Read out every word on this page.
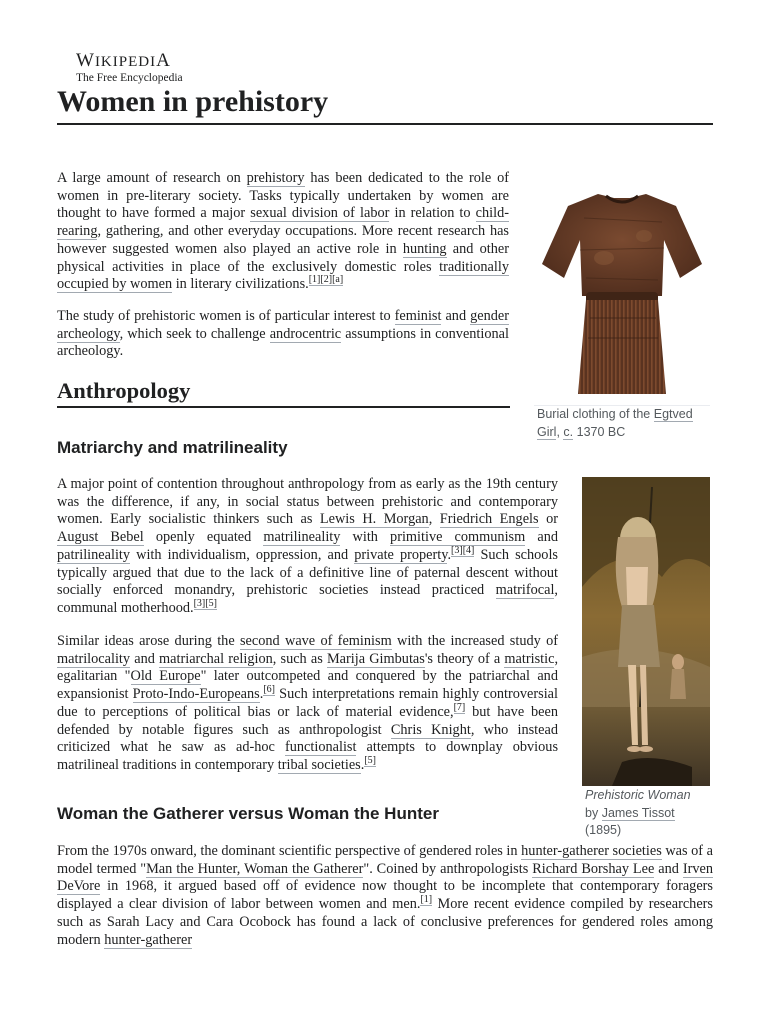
WIKIPEDIA
The Free Encyclopedia
Women in prehistory

A large amount of research on prehistory has been dedicated to the role of women in pre-literary society. Tasks typically undertaken by women are thought to have formed a major sexual division of labor in relation to child-rearing, gathering, and other everyday occupations. More recent research has however suggested women also played an active role in hunting and other physical activities in place of the exclusively domestic roles traditionally occupied by women in literary civilizations.[1][2][a]

The study of prehistoric women is of particular interest to feminist and gender archeology, which seek to challenge androcentric assumptions in conventional archeology.

Burial clothing of the Egtved Girl, c. 1370 BC
Anthropology
Matriarchy and matrilineality

A major point of contention throughout anthropology from as early as the 19th century was the difference, if any, in social status between prehistoric and contemporary women. Early socialistic thinkers such as Lewis H. Morgan, Friedrich Engels or August Bebel openly equated matrilineality with primitive communism and patrilineality with individualism, oppression, and private property.[3][4] Such schools typically argued that due to the lack of a definitive line of paternal descent without socially enforced monandry, prehistoric societies instead practiced matrifocal, communal motherhood.[3][5]

Similar ideas arose during the second wave of feminism with the increased study of matrilocality and matriarchal religion, such as Marija Gimbutas's theory of a matristic, egalitarian "Old Europe" later outcompeted and conquered by the patriarchal and expansionist Proto-Indo-Europeans.[6] Such interpretations remain highly controversial due to perceptions of political bias or lack of material evidence,[7] but have been defended by notable figures such as anthropologist Chris Knight, who instead criticized what he saw as ad-hoc functionalist attempts to downplay obvious matrilineal traditions in contemporary tribal societies.[5]

Prehistoric Woman
by James Tissot
(1895)
Woman the Gatherer versus Woman the Hunter

From the 1970s onward, the dominant scientific perspective of gendered roles in hunter-gatherer societies was of a model termed "Man the Hunter, Woman the Gatherer". Coined by anthropologists Richard Borshay Lee and Irven DeVore in 1968, it argued based off of evidence now thought to be incomplete that contemporary foragers displayed a clear division of labor between women and men.[1] More recent evidence compiled by researchers such as Sarah Lacy and Cara Ocobock has found a lack of conclusive preferences for gendered roles among modern hunter-gatherer
